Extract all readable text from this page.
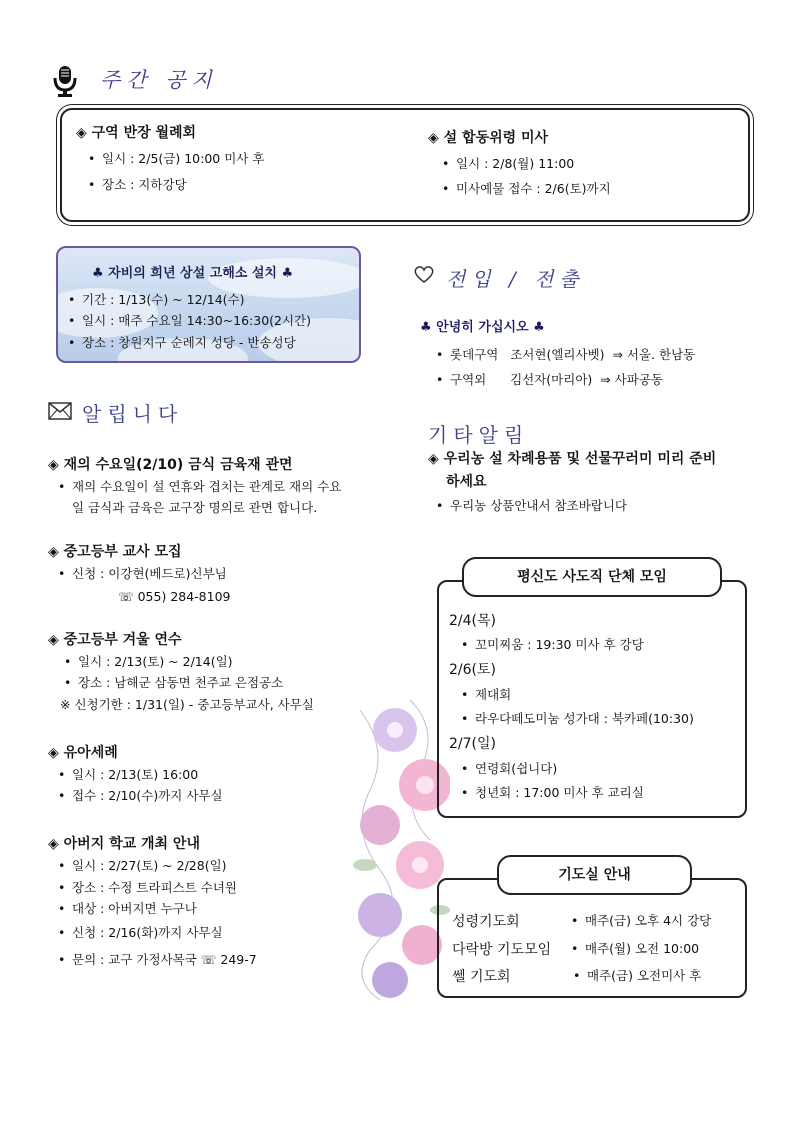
주간 공지
◈ 구역 반장 월례회
• 일시 : 2/5(금) 10:00 미사 후
• 장소 : 지하강당
◈ 설 합동위령 미사
• 일시 : 2/8(월) 11:00
• 미사예물 접수 : 2/6(토)까지
♣ 자비의 희년 상설 고해소 설치 ♣
• 기간 : 1/13(수) ~ 12/14(수)
• 일시 : 매주 수요일 14:30~16:30(2시간)
• 장소 : 창원지구 순례지 성당 - 반송성당
알립니다
◈ 재의 수요일(2/10) 금식 금육재 관면
• 재의 수요일이 설 연휴와 겹치는 관계로 재의 수요
일 금식과 금육은 교구장 명의로 관면 합니다.
◈ 중고등부 교사 모집
• 신청 : 이강현(베드로)신부님
☏ 055) 284-8109
◈ 중고등부 겨울 연수
• 일시 : 2/13(토) ~ 2/14(일)
• 장소 : 남해군 삼동면 천주교 은점공소
※ 신청기한 : 1/31(일) - 중고등부교사, 사무실
◈ 유아세례
• 일시 : 2/13(토) 16:00
• 접수 : 2/10(수)까지 사무실
◈ 아버지 학교 개최 안내
• 일시 : 2/27(토) ~ 2/28(일)
• 장소 : 수정 트라피스트 수녀원
• 대상 : 아버지면 누구나
• 신청 : 2/16(화)까지 사무실
• 문의 : 교구 가정사목국 ☏ 249-7
전입 / 전출
♣ 안녕히 가십시오 ♣
• 롯데구역   조서현(엘리사벳)  ⇒ 서울. 한남동
• 구역외      김선자(마리아)  ⇒ 사파공동
기타알림
◈ 우리농 설 차례용품 및 선물꾸러미 미리 준비
하세요
• 우리농 상품안내서 참조바랍니다
평신도 사도직 단체 모임
2/4(목)
• 꼬미찌움 : 19:30 미사 후 강당
2/6(토)
• 제대회
• 라우다떼도미눔 성가대 : 북카페(10:30)
2/7(일)
• 연령회(쉽니다)
• 청년회 : 17:00 미사 후 교리실
기도실 안내
성령기도회	• 매주(금) 오후 4시 강당
다락방 기도모임	• 매주(월) 오전 10:00
쎌 기도회	• 매주(금) 오전미사 후
